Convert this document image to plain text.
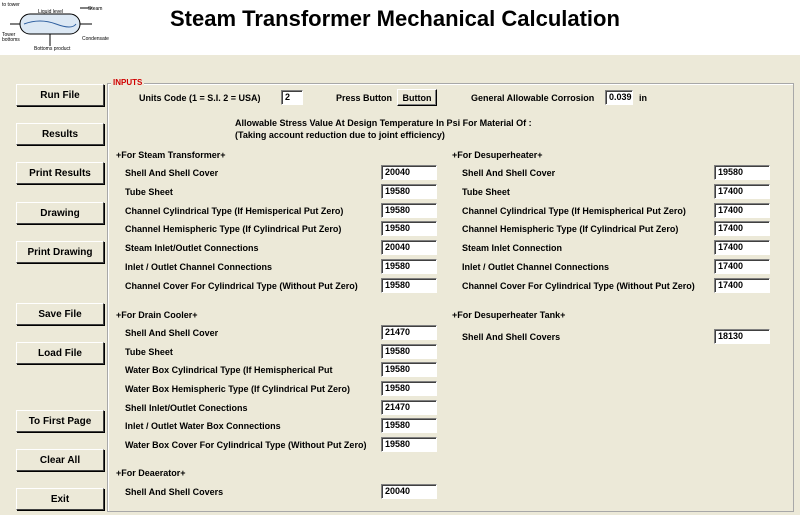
Liquid level	Steam
to tower
Condensate
Tower
bottoms
Bottoms product
Steam Transformer Mechanical Calculation
Run File
Results
Print Results
Drawing
Print Drawing
Save File
Load File
To First Page
Clear All
Exit
INPUTS
Units Code (1 = S.I. 2 = USA)	2	Press Button	Button	General Allowable Corrosion	0.039 in
Allowable Stress Value At Design Temperature In Psi For Material Of :
(Taking account reduction due to joint efficiency)
+For Steam Transformer+
Shell And Shell Cover	20040
Tube Sheet	19580
Channel Cylindrical Type (If Hemisperical Put Zero)	19580
Channel Hemispheric Type (If Cylindrical Put Zero)	19580
Steam Inlet/Outlet Connections	20040
Inlet / Outlet Channel Connections	19580
Channel Cover For Cylindrical Type (Without Put Zero)	19580
+For Drain Cooler+
Shell And Shell Cover	21470
Tube Sheet	19580
Water Box Cylindrical Type (If Hemispherical Put	19580
Water Box Hemispheric Type (If Cylindrical Put Zero)	19580
Shell Inlet/Outlet Conections	21470
Inlet / Outlet Water Box Connections	19580
Water Box Cover For Cylindrical Type (Without Put Zero)	19580
+For Deaerator+
Shell And Shell Covers	20040
+For Desuperheater+
Shell And Shell Cover	19580
Tube Sheet	17400
Channel Cylindrical Type (If Hemispherical Put Zero)	17400
Channel Hemispheric Type (If Cylindrical Put Zero)	17400
Steam Inlet Connection	17400
Inlet / Outlet Channel Connections	17400
Channel Cover For Cylindrical Type (Without Put Zero)	17400
+For Desuperheater Tank+
Shell And Shell Covers	18130
